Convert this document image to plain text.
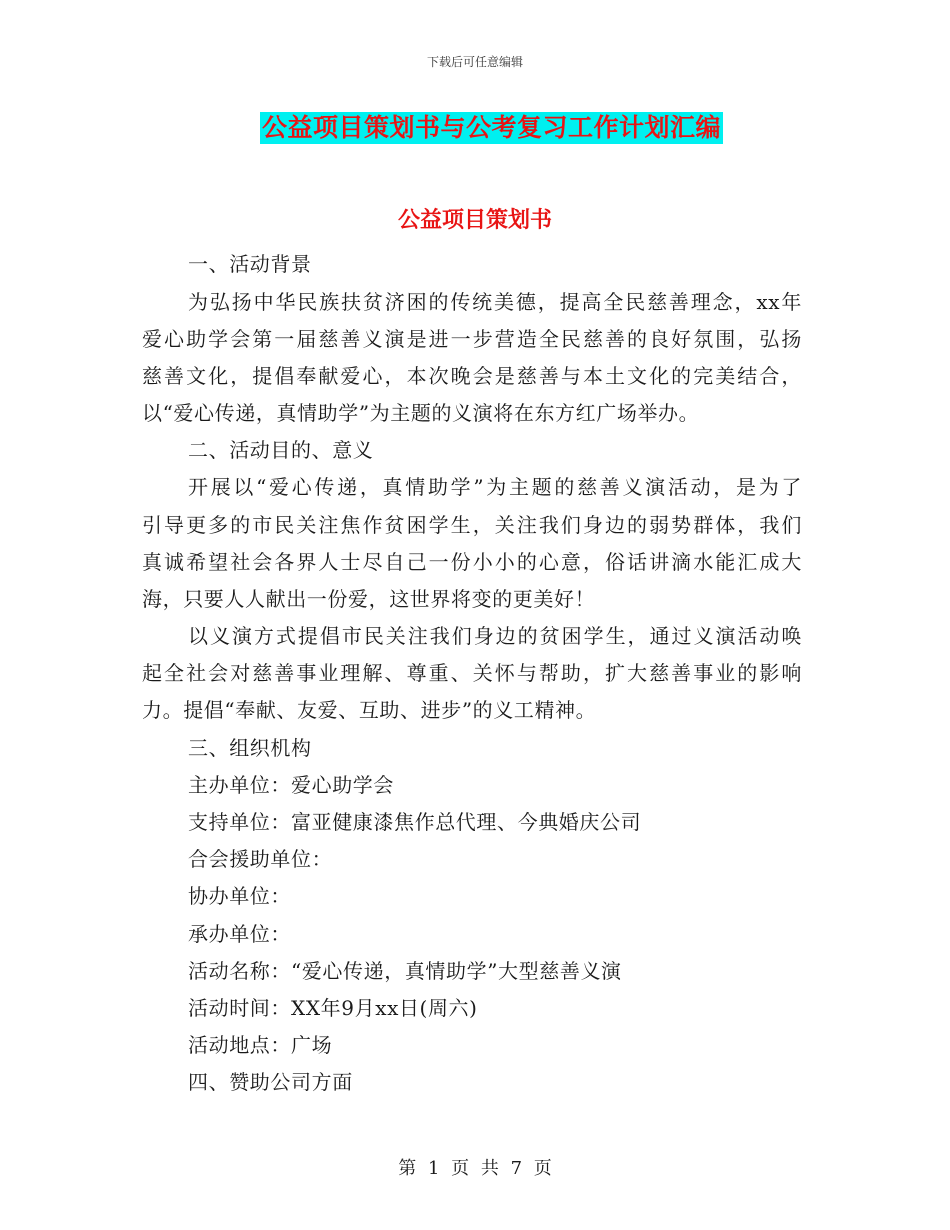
下载后可任意编辑
公益项目策划书与公考复习工作计划汇编
公益项目策划书
一、活动背景
为弘扬中华民族扶贫济困的传统美德，提高全民慈善理念，xx年
爱心助学会第一届慈善义演是进一步营造全民慈善的良好氛围，弘扬
慈善文化，提倡奉献爱心，本次晚会是慈善与本土文化的完美结合，
以“爱心传递，真情助学”为主题的义演将在东方红广场举办。
二、活动目的、意义
开展以“爱心传递，真情助学”为主题的慈善义演活动，是为了
引导更多的市民关注焦作贫困学生，关注我们身边的弱势群体，我们
真诚希望社会各界人士尽自己一份小小的心意，俗话讲滴水能汇成大
海，只要人人献出一份爱，这世界将变的更美好！
以义演方式提倡市民关注我们身边的贫困学生，通过义演活动唤
起全社会对慈善事业理解、尊重、关怀与帮助，扩大慈善事业的影响
力。提倡“奉献、友爱、互助、进步”的义工精神。
三、组织机构
主办单位：爱心助学会
支持单位：富亚健康漆焦作总代理、今典婚庆公司
合会援助单位：
协办单位：
承办单位：
活动名称：“爱心传递，真情助学”大型慈善义演
活动时间：XX年9月xx日(周六)
活动地点：广场
四、赞助公司方面
第 1 页 共 7 页
